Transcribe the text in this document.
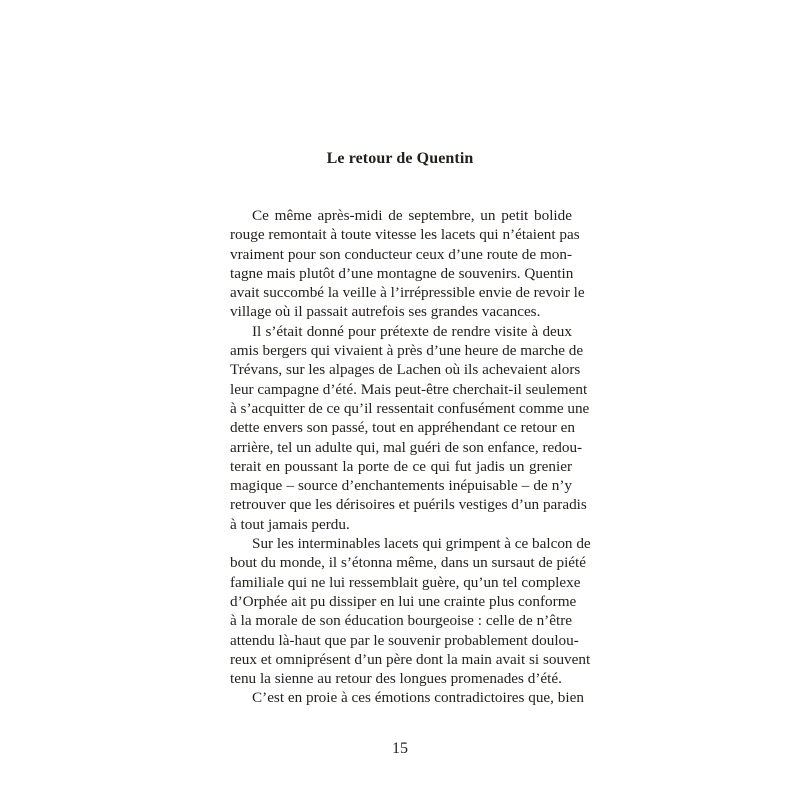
Le retour de Quentin
Ce même après-midi de septembre, un petit bolide
rouge remontait à toute vitesse les lacets qui n’étaient pas
vraiment pour son conducteur ceux d’une route de mon-
tagne mais plutôt d’une montagne de souvenirs. Quentin
avait succombé la veille à l’irrépressible envie de revoir le
village où il passait autrefois ses grandes vacances.
Il s’était donné pour prétexte de rendre visite à deux
amis bergers qui vivaient à près d’une heure de marche de
Trévans, sur les alpages de Lachen où ils achevaient alors
leur campagne d’été. Mais peut-être cherchait-il seulement
à s’acquitter de ce qu’il ressentait confusément comme une
dette envers son passé, tout en appréhendant ce retour en
arrière, tel un adulte qui, mal guéri de son enfance, redou-
terait en poussant la porte de ce qui fut jadis un grenier
magique – source d’enchantements inépuisable – de n’y
retrouver que les dérisoires et puérils vestiges d’un paradis
à tout jamais perdu.
Sur les interminables lacets qui grimpent à ce balcon de
bout du monde, il s’étonna même, dans un sursaut de piété
familiale qui ne lui ressemblait guère, qu’un tel complexe
d’Orphée ait pu dissiper en lui une crainte plus conforme
à la morale de son éducation bourgeoise : celle de n’être
attendu là-haut que par le souvenir probablement doulou-
reux et omniprésent d’un père dont la main avait si souvent
tenu la sienne au retour des longues promenades d’été.
C’est en proie à ces émotions contradictoires que, bien
15
